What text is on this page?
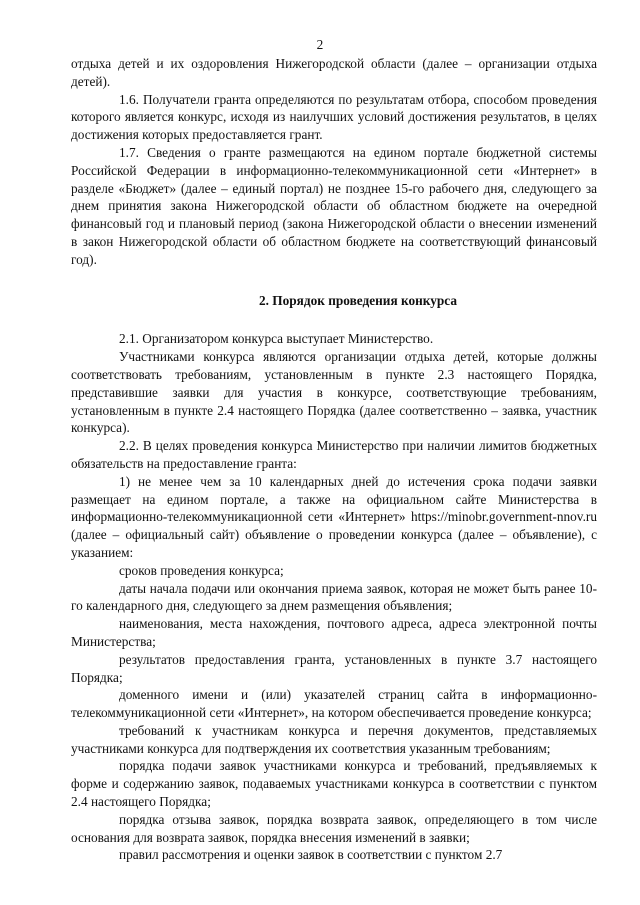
2

отдыха детей и их оздоровления Нижегородской области (далее – организации отдыха детей).

1.6. Получатели гранта определяются по результатам отбора, способом проведения которого является конкурс, исходя из наилучших условий достижения результатов, в целях достижения которых предоставляется грант.

1.7. Сведения о гранте размещаются на едином портале бюджетной системы Российской Федерации в информационно-телекоммуникационной сети «Интернет» в разделе «Бюджет» (далее – единый портал) не позднее 15-го рабочего дня, следующего за днем принятия закона Нижегородской области об областном бюджете на очередной финансовый год и плановый период (закона Нижегородской области о внесении изменений в закон Нижегородской области об областном бюджете на соответствующий финансовый год).

2. Порядок проведения конкурса

2.1. Организатором конкурса выступает Министерство.

Участниками конкурса являются организации отдыха детей, которые должны соответствовать требованиям, установленным в пункте 2.3 настоящего Порядка, представившие заявки для участия в конкурсе, соответствующие требованиям, установленным в пункте 2.4 настоящего Порядка (далее соответственно – заявка, участник конкурса).

2.2. В целях проведения конкурса Министерство при наличии лимитов бюджетных обязательств на предоставление гранта:

1) не менее чем за 10 календарных дней до истечения срока подачи заявки размещает на едином портале, а также на официальном сайте Министерства в информационно-телекоммуникационной сети «Интернет» https://minobr.government-nnov.ru (далее – официальный сайт) объявление о проведении конкурса (далее – объявление), с указанием:

сроков проведения конкурса;

даты начала подачи или окончания приема заявок, которая не может быть ранее 10-го календарного дня, следующего за днем размещения объявления;

наименования, места нахождения, почтового адреса, адреса электронной почты Министерства;

результатов предоставления гранта, установленных в пункте 3.7 настоящего Порядка;

доменного имени и (или) указателей страниц сайта в информационно-телекоммуникационной сети «Интернет», на котором обеспечивается проведение конкурса;

требований к участникам конкурса и перечня документов, представляемых участниками конкурса для подтверждения их соответствия указанным требованиям;

порядка подачи заявок участниками конкурса и требований, предъявляемых к форме и содержанию заявок, подаваемых участниками конкурса в соответствии с пунктом 2.4 настоящего Порядка;

порядка отзыва заявок, порядка возврата заявок, определяющего в том числе основания для возврата заявок, порядка внесения изменений в заявки;

правил рассмотрения и оценки заявок в соответствии с пунктом 2.7
